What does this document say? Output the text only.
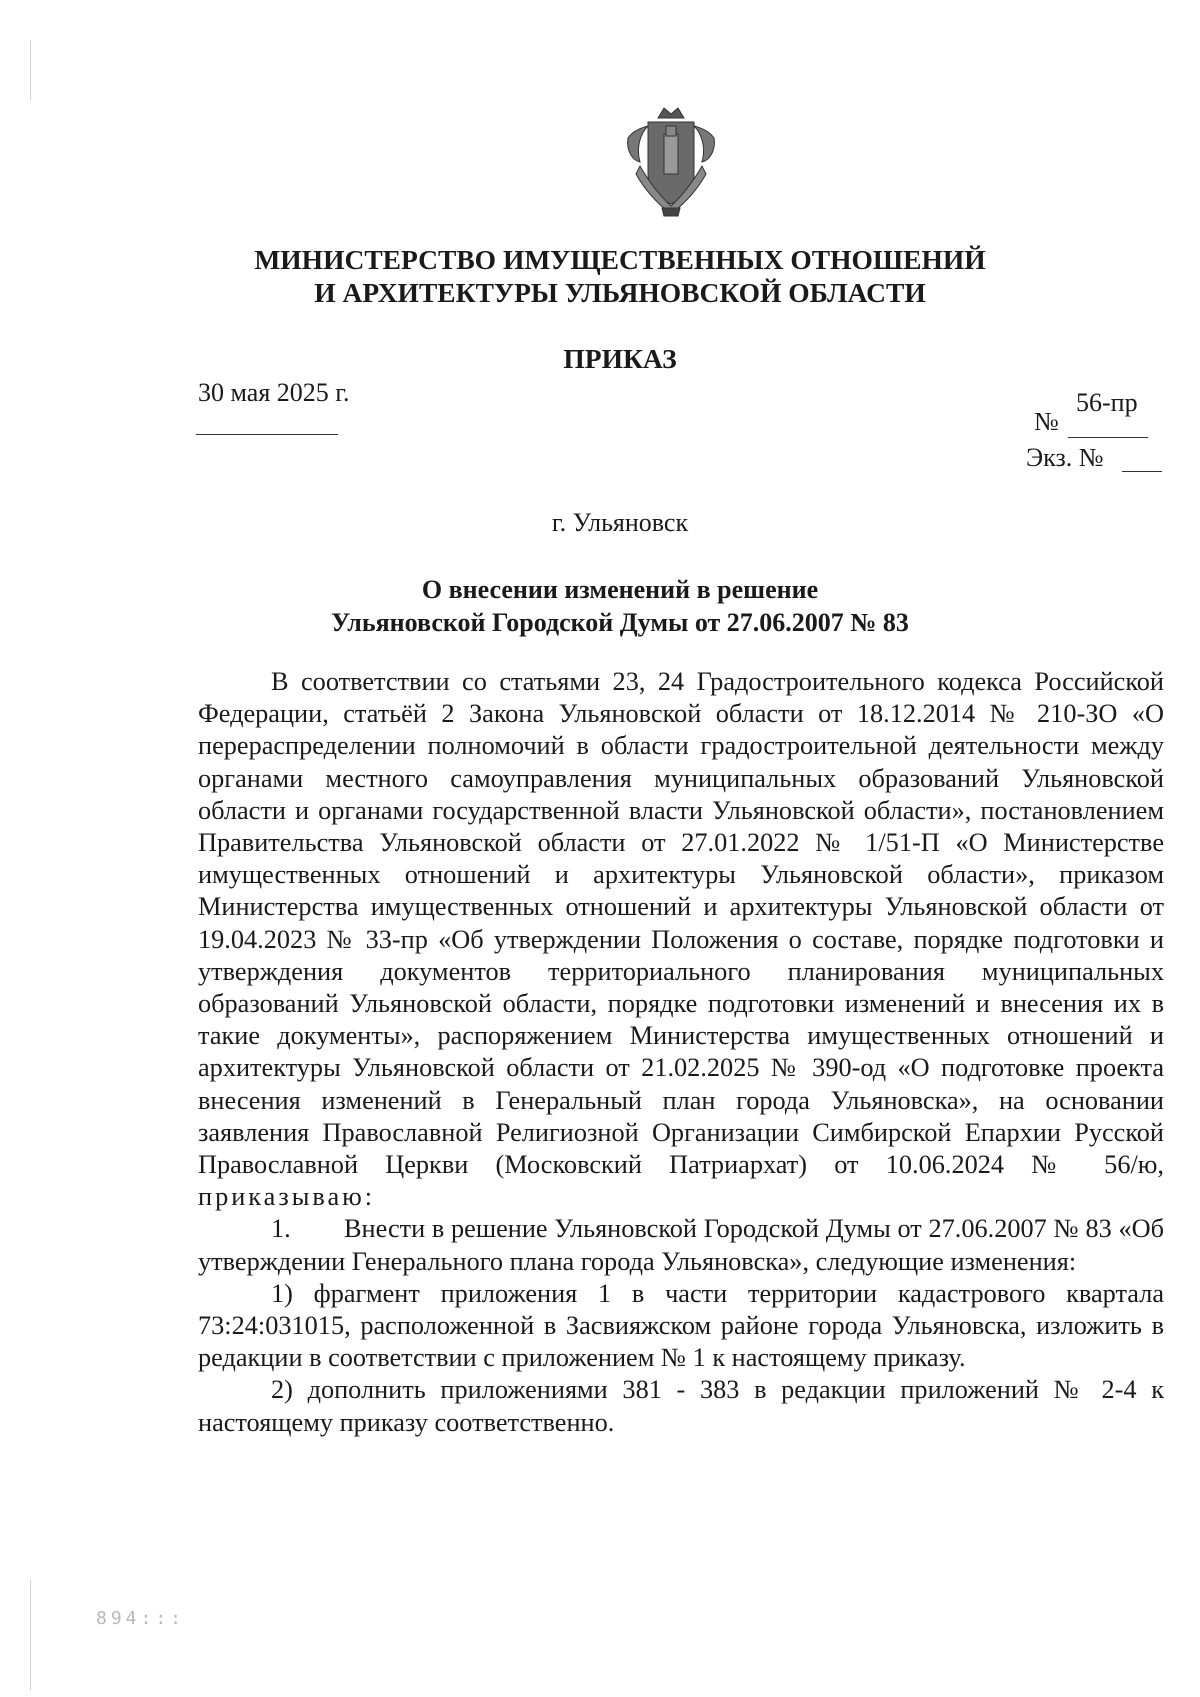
МИНИСТЕРСТВО ИМУЩЕСТВЕННЫХ ОТНОШЕНИЙ
И АРХИТЕКТУРЫ УЛЬЯНОВСКОЙ ОБЛАСТИ
ПРИКАЗ
30 мая 2025 г.
№
56-пр
Экз. №
г. Ульяновск
О внесении изменений в решение
Ульяновской Городской Думы от 27.06.2007 № 83

В соответствии со статьями 23, 24 Градостроительного кодекса Российской Федерации, статьёй 2 Закона Ульяновской области от 18.12.2014 № 210-ЗО «О перераспределении полномочий в области градостроительной деятельности между органами местного самоуправления муниципальных образований Ульяновской области и органами государственной власти Ульяновской области», постановлением Правительства Ульяновской области от 27.01.2022 № 1/51-П «О Министерстве имущественных отношений и архитектуры Ульяновской области», приказом Министерства имущественных отношений и архитектуры Ульяновской области от 19.04.2023 № 33-пр «Об утверждении Положения о составе, порядке подготовки и утверждения документов территориального планирования муниципальных образований Ульяновской области, порядке подготовки изменений и внесения их в такие документы», распоряжением Министерства имущественных отношений и архитектуры Ульяновской области от 21.02.2025 № 390-од «О подготовке проекта внесения изменений в Генеральный план города Ульяновска», на основании заявления Православной Религиозной Организации Симбирской Епархии Русской Православной Церкви (Московский Патриархат) от 10.06.2024 № 56/ю, приказываю:

1. Внести в решение Ульяновской Городской Думы от 27.06.2007 № 83 «Об утверждении Генерального плана города Ульяновска», следующие изменения:

1) фрагмент приложения 1 в части территории кадастрового квартала 73:24:031015, расположенной в Засвияжском районе города Ульяновска, изложить в редакции в соответствии с приложением № 1 к настоящему приказу.

2) дополнить приложениями 381 - 383 в редакции приложений № 2-4 к настоящему приказу соответственно.

894:::
